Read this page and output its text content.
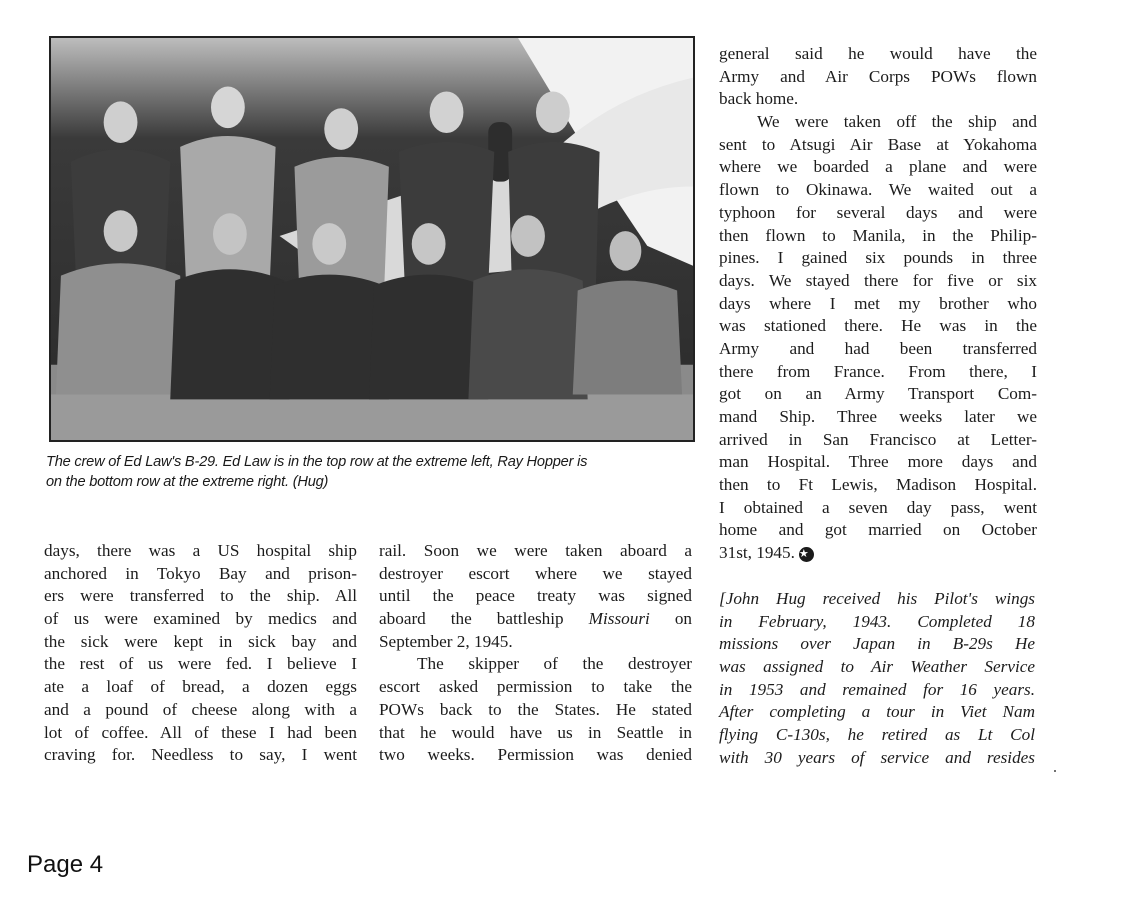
The crew of Ed Law's B-29. Ed Law is in the top row at the extreme left, Ray Hopper is
on the bottom row at the extreme right. (Hug)
days, there was a US hospital ship
anchored in Tokyo Bay and prison-
ers were transferred to the ship. All
of us were examined by medics and
the sick were kept in sick bay and
the rest of us were fed. I believe I
ate a loaf of bread, a dozen eggs
and a pound of cheese along with a
lot of coffee. All of these I had been
craving for. Needless to say, I went
rail. Soon we were taken aboard a
destroyer escort where we stayed
until the peace treaty was signed
aboard the battleship Missouri on
September 2, 1945.
The skipper of the destroyer
escort asked permission to take the
POWs back to the States. He stated
that he would have us in Seattle in
two weeks. Permission was denied
general said he would have the
Army and Air Corps POWs flown
back home.
We were taken off the ship and
sent to Atsugi Air Base at Yokahoma
where we boarded a plane and were
flown to Okinawa. We waited out a
typhoon for several days and were
then flown to Manila, in the Philip-
pines. I gained six pounds in three
days. We stayed there for five or six
days where I met my brother who
was stationed there. He was in the
Army and had been transferred
there from France. From there, I
got on an Army Transport Com-
mand Ship. Three weeks later we
arrived in San Francisco at Letter-
man Hospital. Three more days and
then to Ft Lewis, Madison Hospital.
I obtained a seven day pass, went
home and got married on October
31st, 1945. ★
[John Hug received his Pilot's wings
in February, 1943. Completed 18
missions over Japan in B-29s He
was assigned to Air Weather Service
in 1953 and remained for 16 years.
After completing a tour in Viet Nam
flying C-130s, he retired as Lt Col
with 30 years of service and resides
Page 4
